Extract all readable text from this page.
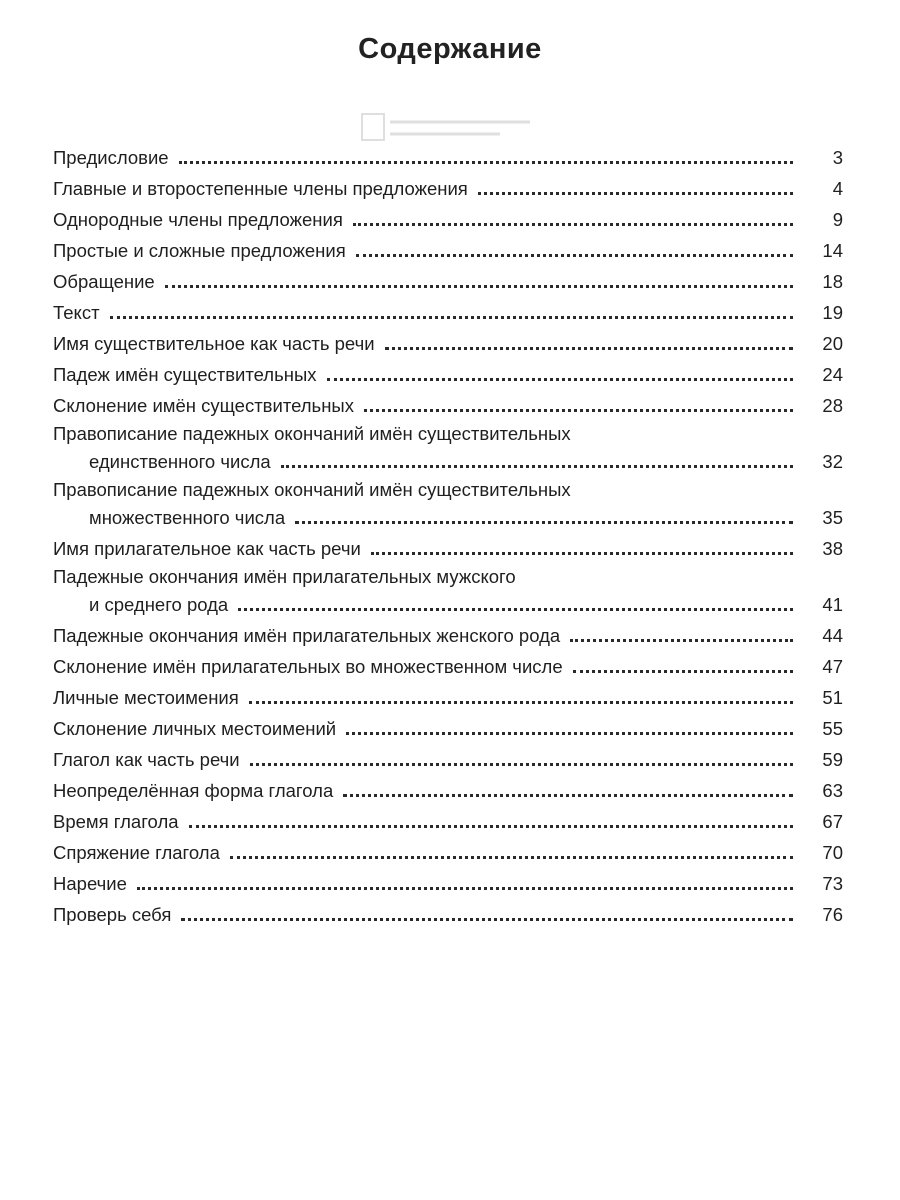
Содержание
Предисловие	3
Главные и второстепенные члены предложения	4
Однородные члены предложения	9
Простые и сложные предложения	14
Обращение	18
Текст	19
Имя существительное как часть речи	20
Падеж имён существительных	24
Склонение имён существительных	28
Правописание падежных окончаний имён существительных
единственного числа	32
Правописание падежных окончаний имён существительных
множественного числа	35
Имя прилагательное как часть речи	38
Падежные окончания имён прилагательных мужского
и среднего рода	41
Падежные окончания имён прилагательных женского рода	44
Склонение имён прилагательных во множественном числе	47
Личные местоимения	51
Склонение личных местоимений	55
Глагол как часть речи	59
Неопределённая форма глагола	63
Время глагола	67
Спряжение глагола	70
Наречие	73
Проверь себя	76
